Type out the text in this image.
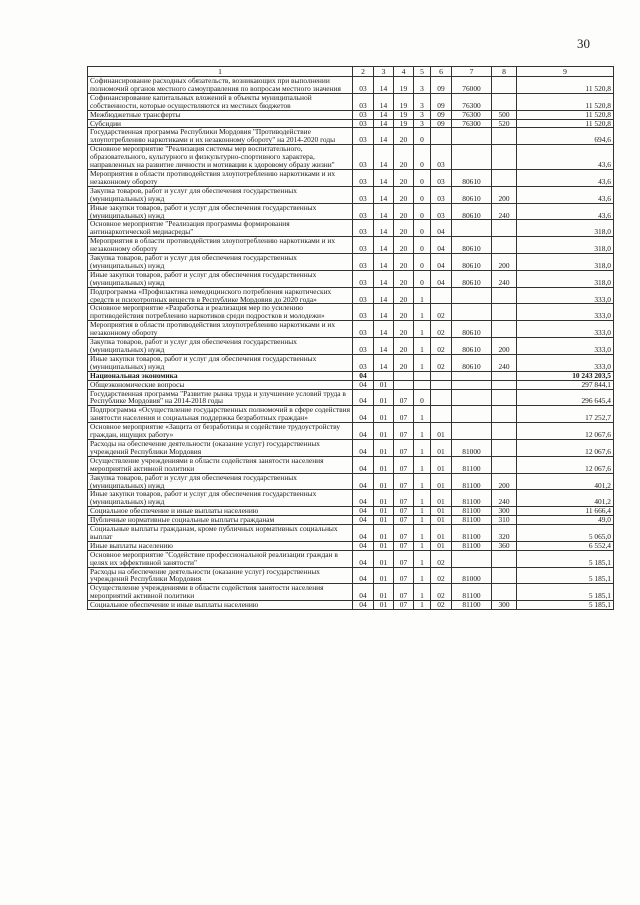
30
1	2	3	4	5	6	7	8	9
Софинансирование расходных обязательств, возникающих при выполнении полномочий органов местного самоуправления по вопросам местного значения	03	14	19	3	09	76000		11 520,8
Софинансирование капитальных вложений в объекты муниципальной собственности, которые осуществляются из местных бюджетов	03	14	19	3	09	76300		11 520,8
Межбюджетные трансферты	03	14	19	3	09	76300	500	11 520,8
Субсидии	03	14	19	3	09	76300	520	11 520,8
Государственная программа Республики Мордовия "Противодействие злоупотреблению наркотиками и их незаконному обороту" на 2014-2020 годы	03	14	20	0				694,6
Основное мероприятие "Реализация системы мер воспитательного, образовательного, культурного и физкультурно-спортивного характера, направленных на развитие личности и мотивации к здоровому образу жизни"	03	14	20	0	03			43,6
Мероприятия в области противодействия злоупотреблению наркотиками и их незаконному обороту	03	14	20	0	03	80610		43,6
Закупка товаров, работ и услуг для обеспечения государственных (муниципальных) нужд	03	14	20	0	03	80610	200	43,6
Иные закупки товаров, работ и услуг для обеспечения государственных (муниципальных) нужд	03	14	20	0	03	80610	240	43,6
Основное мероприятие "Реализация программы формирования антинаркотической медиасреды"	03	14	20	0	04			318,0
Мероприятия в области противодействия злоупотреблению наркотиками и их незаконному обороту	03	14	20	0	04	80610		318,0
Закупка товаров, работ и услуг для обеспечения государственных (муниципальных) нужд	03	14	20	0	04	80610	200	318,0
Иные закупки товаров, работ и услуг для обеспечения государственных (муниципальных) нужд	03	14	20	0	04	80610	240	318,0
Подпрограмма «Профилактика немедицинского потребления наркотических средств и психотропных веществ в Республике Мордовия до 2020 года»	03	14	20	1				333,0
Основное мероприятие «Разработка и реализация мер по усилению противодействия потреблению наркотиков среди подростков и молодежи»	03	14	20	1	02			333,0
Мероприятия в области противодействия злоупотреблению наркотиками и их незаконному обороту	03	14	20	1	02	80610		333,0
Закупка товаров, работ и услуг для обеспечения государственных (муниципальных) нужд	03	14	20	1	02	80610	200	333,0
Иные закупки товаров, работ и услуг для обеспечения государственных (муниципальных) нужд	03	14	20	1	02	80610	240	333,0
Национальная экономика	04							10 243 203,5
Общеэкономические вопросы	04	01						297 844,1
Государственная программа "Развитие рынка труда и улучшение условий труда в Республике Мордовия" на 2014-2018 годы	04	01	07	0				296 645,4
Подпрограмма «Осуществление государственных полномочий в сфере содействия занятости населения и социальная поддержка безработных граждан»	04	01	07	1				17 252,7
Основное мероприятие «Защита от безработицы и содействие трудоустройству граждан, ищущих работу»	04	01	07	1	01			12 067,6
Расходы на обеспечение деятельности (оказание услуг) государственных учреждений Республики Мордовия	04	01	07	1	01	81000		12 067,6
Осуществление учреждениями в области содействия занятости населения мероприятий активной политики	04	01	07	1	01	81100		12 067,6
Закупка товаров, работ и услуг для обеспечения государственных (муниципальных) нужд	04	01	07	1	01	81100	200	401,2
Иные закупки товаров, работ и услуг для обеспечения государственных (муниципальных) нужд	04	01	07	1	01	81100	240	401,2
Социальное обеспечение и иные выплаты населению	04	01	07	1	01	81100	300	11 666,4
Публичные нормативные социальные выплаты гражданам	04	01	07	1	01	81100	310	49,0
Социальные выплаты гражданам, кроме публичных нормативных социальных выплат	04	01	07	1	01	81100	320	5 065,0
Иные выплаты населению	04	01	07	1	01	81100	360	6 552,4
Основное мероприятие "Содействие профессиональной реализации граждан в целях их эффективной занятости"	04	01	07	1	02			5 185,1
Расходы на обеспечение деятельности (оказание услуг) государственных учреждений Республики Мордовия	04	01	07	1	02	81000		5 185,1
Осуществление учреждениями в области содействия занятости населения мероприятий активной политики	04	01	07	1	02	81100		5 185,1
Социальное обеспечение и иные выплаты населению	04	01	07	1	02	81100	300	5 185,1
